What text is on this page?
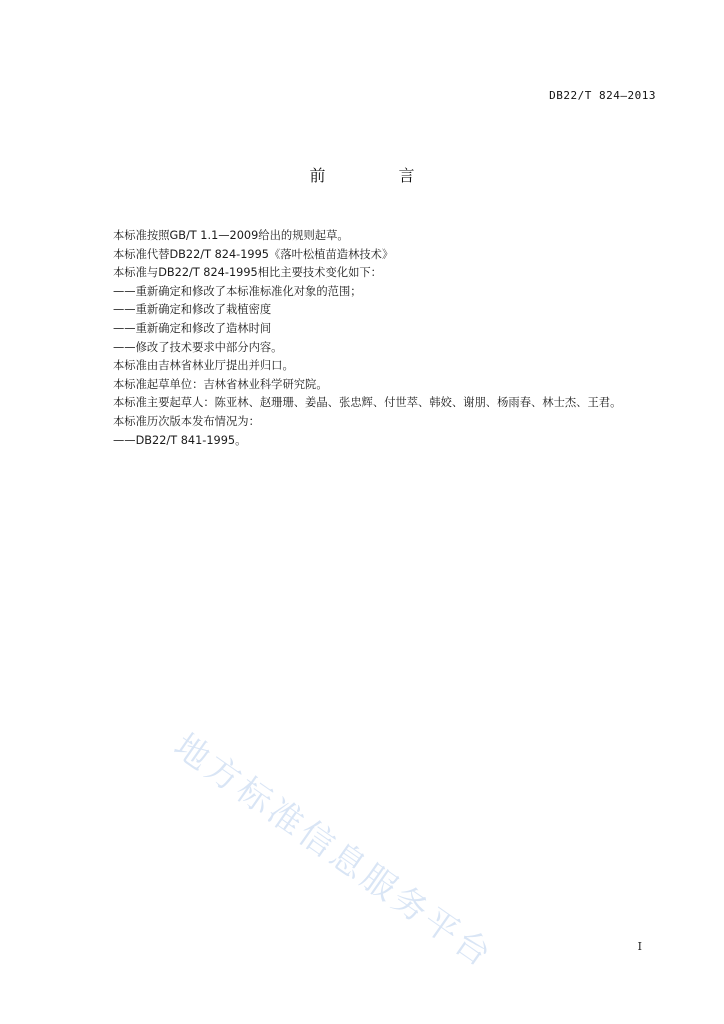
DB22/T 824—2013
前 言

本标准按照GB/T 1.1—2009给出的规则起草。

本标准代替DB22/T 824-1995《落叶松植苗造林技术》

本标准与DB22/T 824-1995相比主要技术变化如下：

——重新确定和修改了本标准标准化对象的范围；

——重新确定和修改了栽植密度

——重新确定和修改了造林时间

——修改了技术要求中部分内容。

本标准由吉林省林业厅提出并归口。

本标准起草单位：吉林省林业科学研究院。

本标准主要起草人：陈亚林、赵珊珊、姜晶、张忠辉、付世萃、韩姣、谢朋、杨雨春、林士杰、王君。

本标准历次版本发布情况为：

——DB22/T 841-1995。

地方标准信息服务平台	I
